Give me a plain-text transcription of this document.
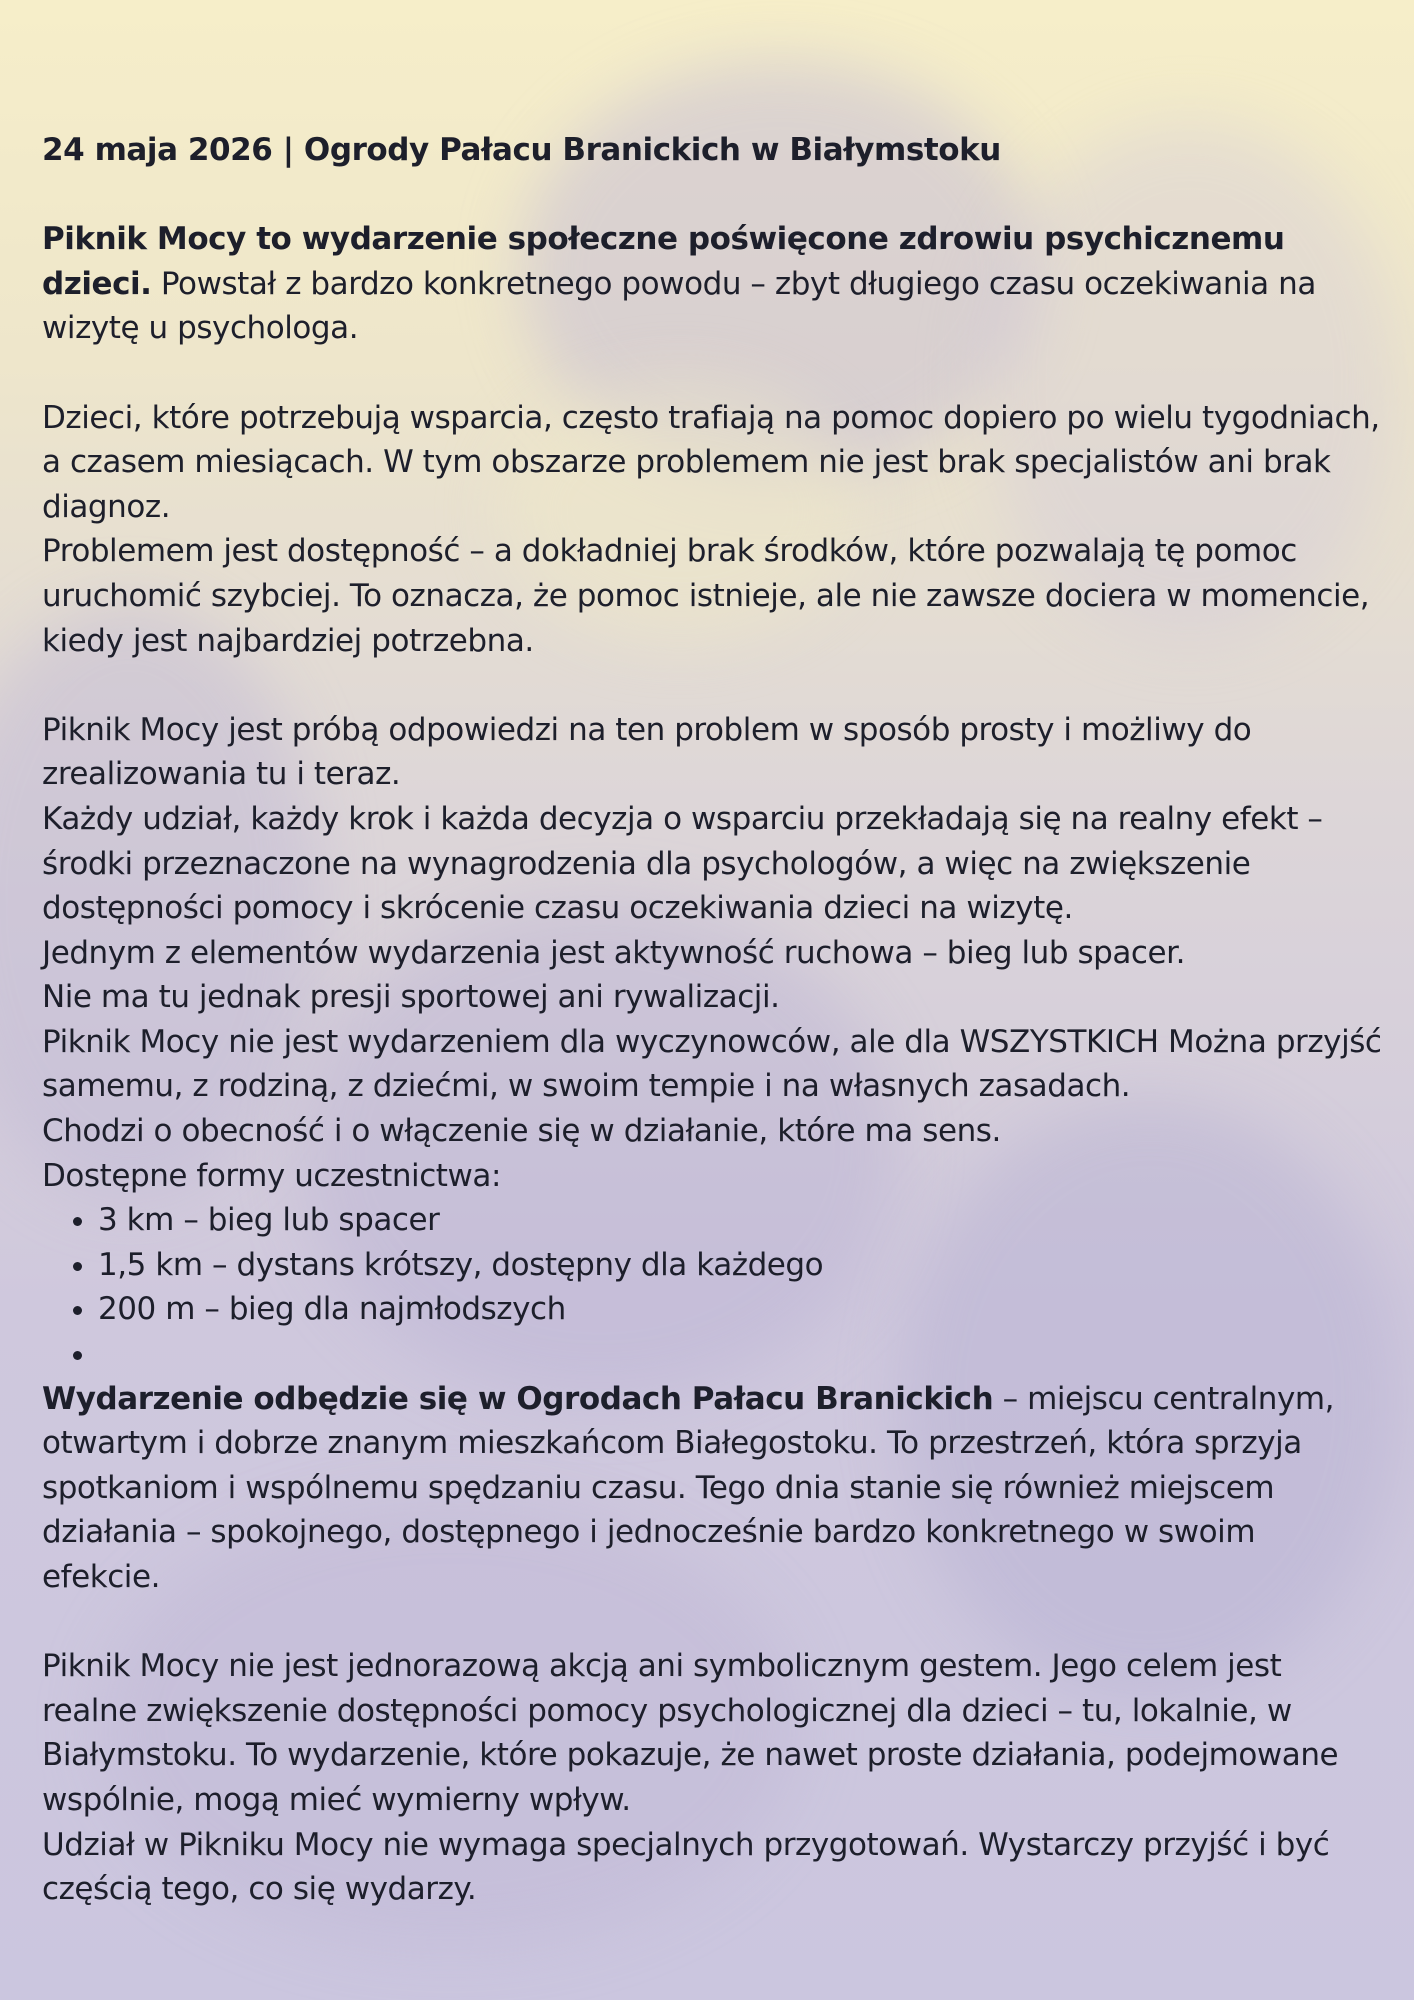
24 maja 2026 | Ogrody Pałacu Branickich w Białymstoku

Piknik Mocy to wydarzenie społeczne poświęcone zdrowiu psychicznemu dzieci. Powstał z bardzo konkretnego powodu – zbyt długiego czasu oczekiwania na wizytę u psychologa.

Dzieci, które potrzebują wsparcia, często trafiają na pomoc dopiero po wielu tygodniach, a czasem miesiącach. W tym obszarze problemem nie jest brak specjalistów ani brak diagnoz.

Problemem jest dostępność – a dokładniej brak środków, które pozwalają tę pomoc uruchomić szybciej. To oznacza, że pomoc istnieje, ale nie zawsze dociera w momencie, kiedy jest najbardziej potrzebna.

Piknik Mocy jest próbą odpowiedzi na ten problem w sposób prosty i możliwy do zrealizowania tu i teraz.

Każdy udział, każdy krok i każda decyzja o wsparciu przekładają się na realny efekt – środki przeznaczone na wynagrodzenia dla psychologów, a więc na zwiększenie dostępności pomocy i skrócenie czasu oczekiwania dzieci na wizytę.

Jednym z elementów wydarzenia jest aktywność ruchowa – bieg lub spacer.

Nie ma tu jednak presji sportowej ani rywalizacji.

Piknik Mocy nie jest wydarzeniem dla wyczynowców, ale dla WSZYSTKICH Można przyjść samemu, z rodziną, z dziećmi, w swoim tempie i na własnych zasadach.

Chodzi o obecność i o włączenie się w działanie, które ma sens.

Dostępne formy uczestnictwa:

• 3 km – bieg lub spacer
• 1,5 km – dystans krótszy, dostępny dla każdego
• 200 m – bieg dla najmłodszych
•

Wydarzenie odbędzie się w Ogrodach Pałacu Branickich – miejscu centralnym, otwartym i dobrze znanym mieszkańcom Białegostoku. To przestrzeń, która sprzyja spotkaniom i wspólnemu spędzaniu czasu. Tego dnia stanie się również miejscem działania – spokojnego, dostępnego i jednocześnie bardzo konkretnego w swoim efekcie.

Piknik Mocy nie jest jednorazową akcją ani symbolicznym gestem. Jego celem jest realne zwiększenie dostępności pomocy psychologicznej dla dzieci – tu, lokalnie, w Białymstoku. To wydarzenie, które pokazuje, że nawet proste działania, podejmowane wspólnie, mogą mieć wymierny wpływ.

Udział w Pikniku Mocy nie wymaga specjalnych przygotowań. Wystarczy przyjść i być częścią tego, co się wydarzy.
